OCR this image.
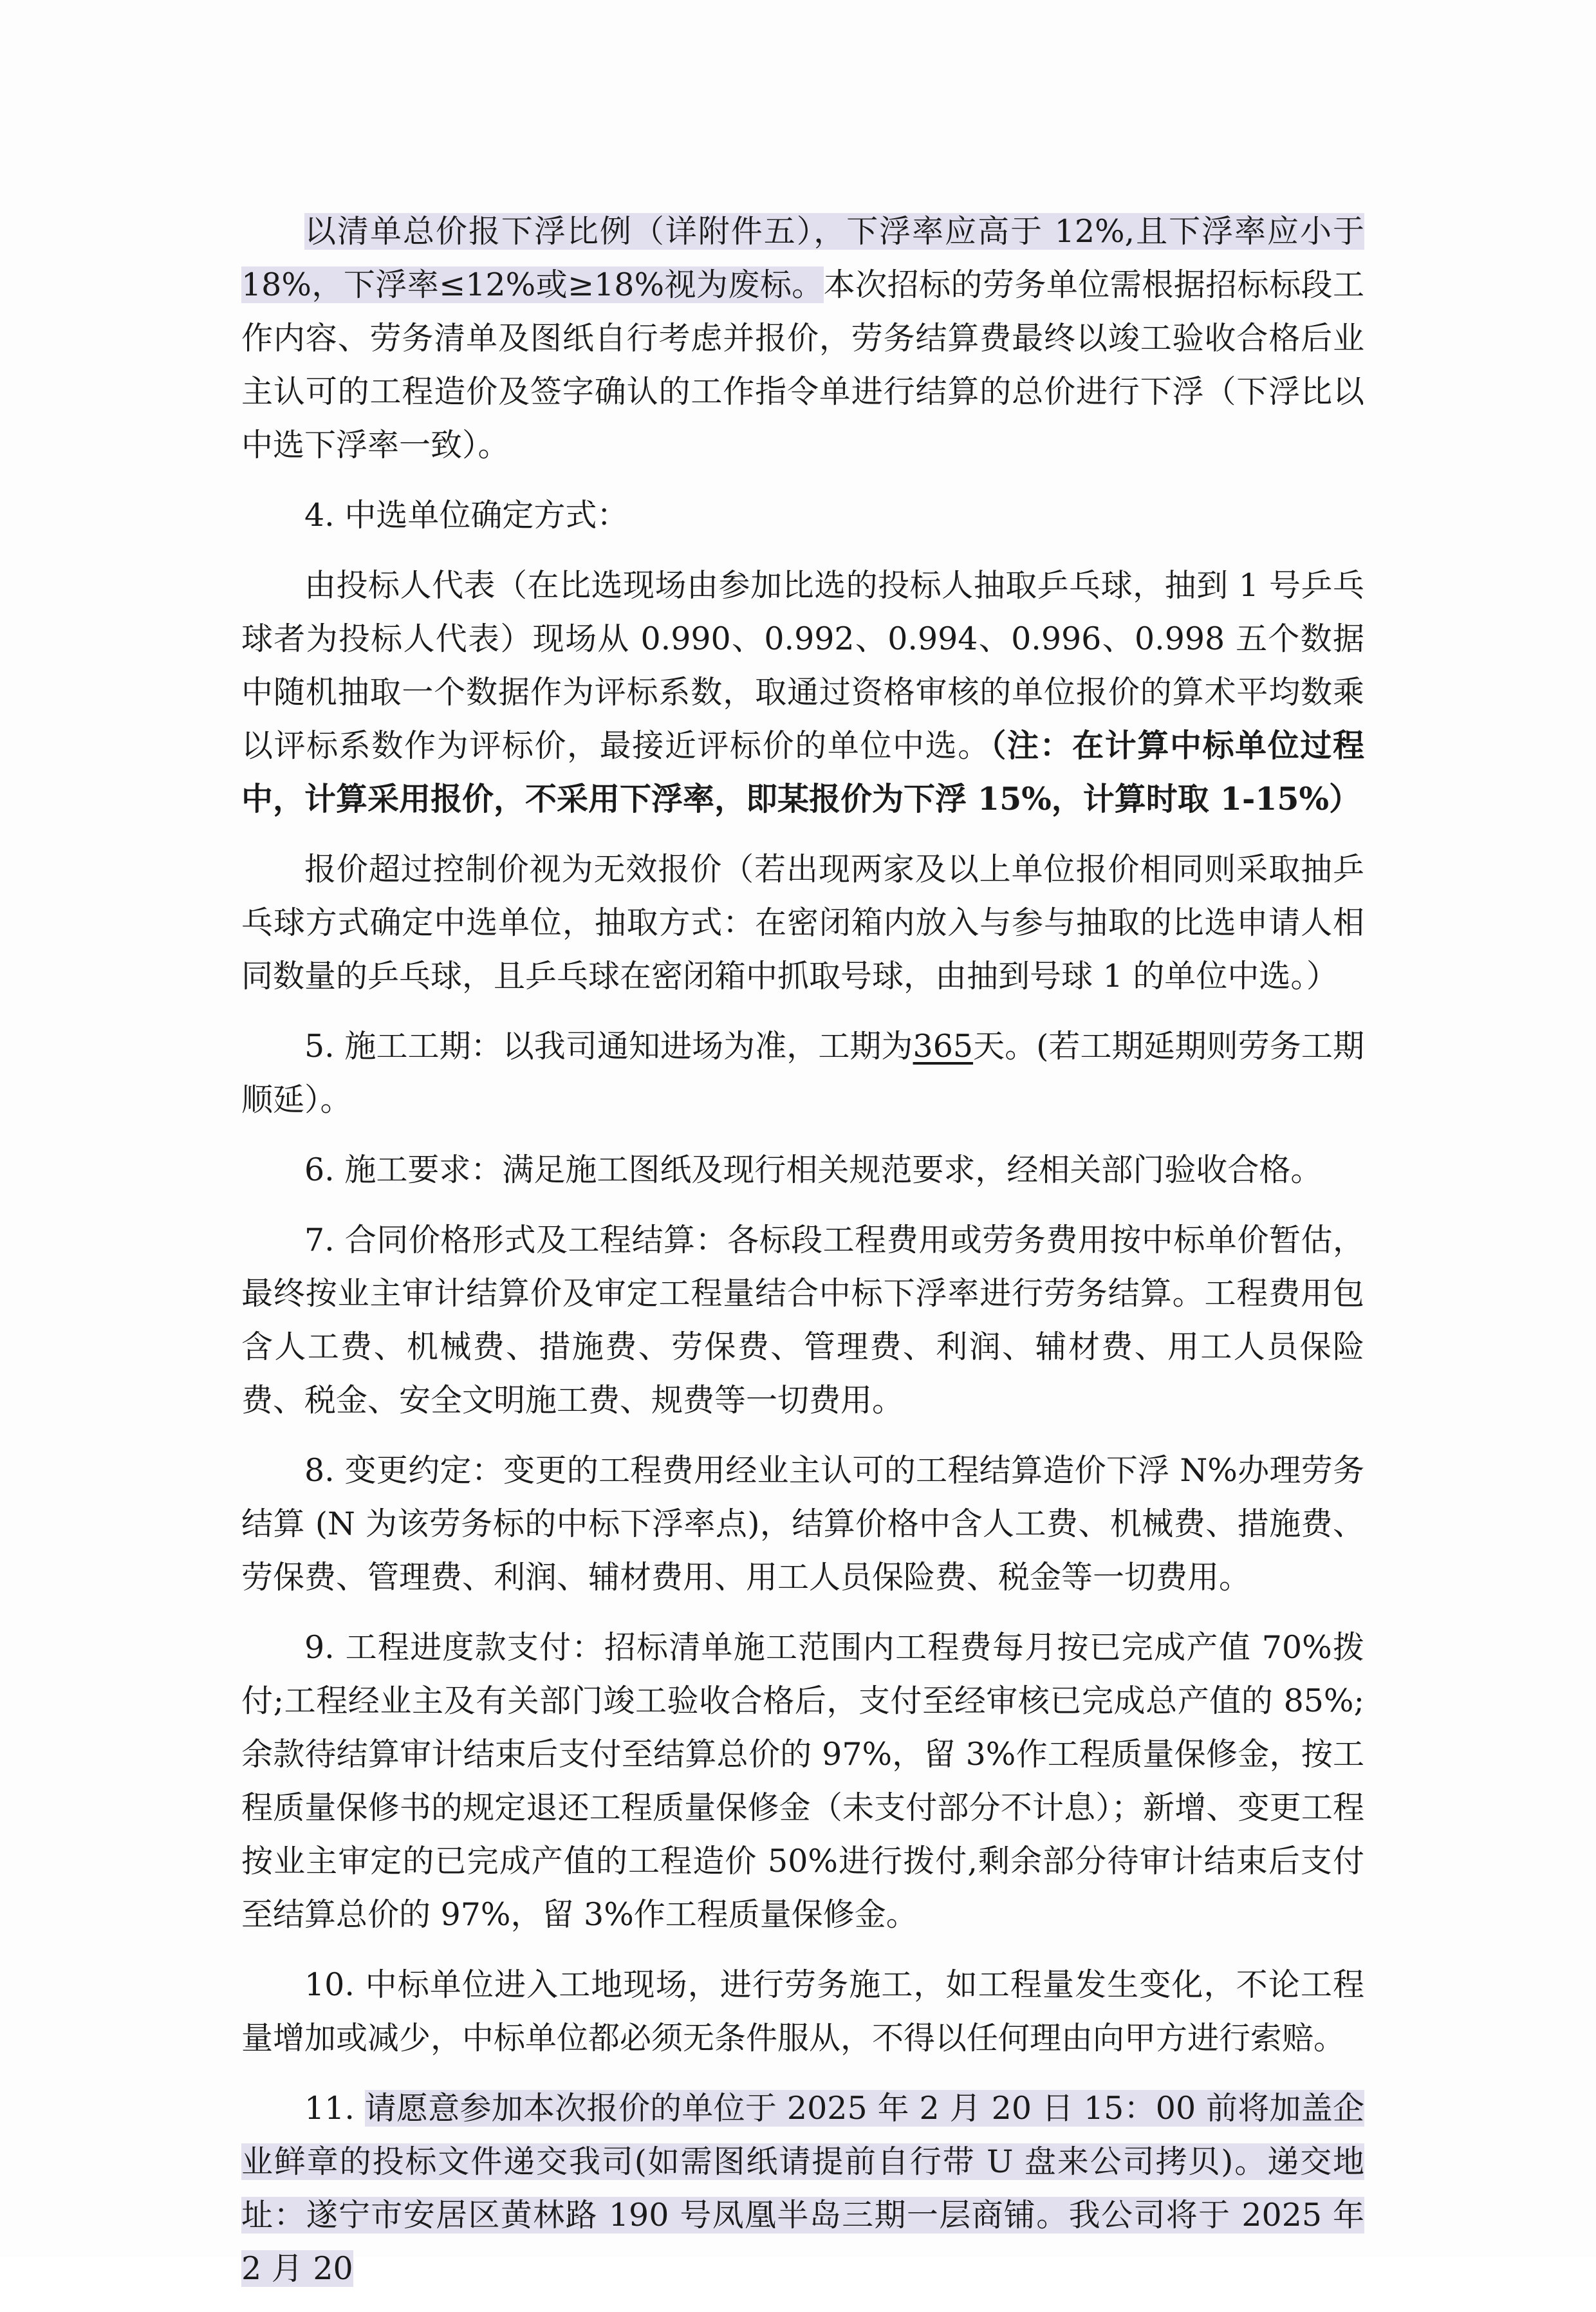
以清单总价报下浮比例（详附件五），下浮率应高于 12%,且下浮率应小于 18%，下浮率≤12%或≥18%视为废标。本次招标的劳务单位需根据招标标段工作内容、劳务清单及图纸自行考虑并报价，劳务结算费最终以竣工验收合格后业主认可的工程造价及签字确认的工作指令单进行结算的总价进行下浮（下浮比以中选下浮率一致）。

4. 中选单位确定方式：

由投标人代表（在比选现场由参加比选的投标人抽取乒乓球，抽到 1 号乒乓球者为投标人代表）现场从 0.990、0.992、0.994、0.996、0.998 五个数据中随机抽取一个数据作为评标系数，取通过资格审核的单位报价的算术平均数乘以评标系数作为评标价，最接近评标价的单位中选。（注：在计算中标单位过程中，计算采用报价，不采用下浮率，即某报价为下浮 15%，计算时取 1-15%）

报价超过控制价视为无效报价（若出现两家及以上单位报价相同则采取抽乒乓球方式确定中选单位，抽取方式：在密闭箱内放入与参与抽取的比选申请人相同数量的乒乓球，且乒乓球在密闭箱中抓取号球，由抽到号球 1 的单位中选。）

5. 施工工期：以我司通知进场为准，工期为365天。(若工期延期则劳务工期顺延）。

6. 施工要求：满足施工图纸及现行相关规范要求，经相关部门验收合格。

7. 合同价格形式及工程结算：各标段工程费用或劳务费用按中标单价暂估，最终按业主审计结算价及审定工程量结合中标下浮率进行劳务结算。工程费用包含人工费、机械费、措施费、劳保费、管理费、利润、辅材费、用工人员保险费、税金、安全文明施工费、规费等一切费用。

8. 变更约定：变更的工程费用经业主认可的工程结算造价下浮 N%办理劳务结算 (N 为该劳务标的中标下浮率点)，结算价格中含人工费、机械费、措施费、劳保费、管理费、利润、辅材费用、用工人员保险费、税金等一切费用。

9. 工程进度款支付：招标清单施工范围内工程费每月按已完成产值 70%拨付;工程经业主及有关部门竣工验收合格后，支付至经审核已完成总产值的 85%;余款待结算审计结束后支付至结算总价的 97%，留 3%作工程质量保修金，按工程质量保修书的规定退还工程质量保修金（未支付部分不计息）；新增、变更工程按业主审定的已完成产值的工程造价 50%进行拨付,剩余部分待审计结束后支付至结算总价的 97%，留 3%作工程质量保修金。

10. 中标单位进入工地现场，进行劳务施工，如工程量发生变化，不论工程量增加或减少，中标单位都必须无条件服从，不得以任何理由向甲方进行索赔。

11. 请愿意参加本次报价的单位于 2025 年 2 月 20 日 15：00 前将加盖企业鲜章的投标文件递交我司(如需图纸请提前自行带 U 盘来公司拷贝)。递交地址：遂宁市安居区黄林路 190 号凤凰半岛三期一层商铺。我公司将于 2025 年 2 月 20
